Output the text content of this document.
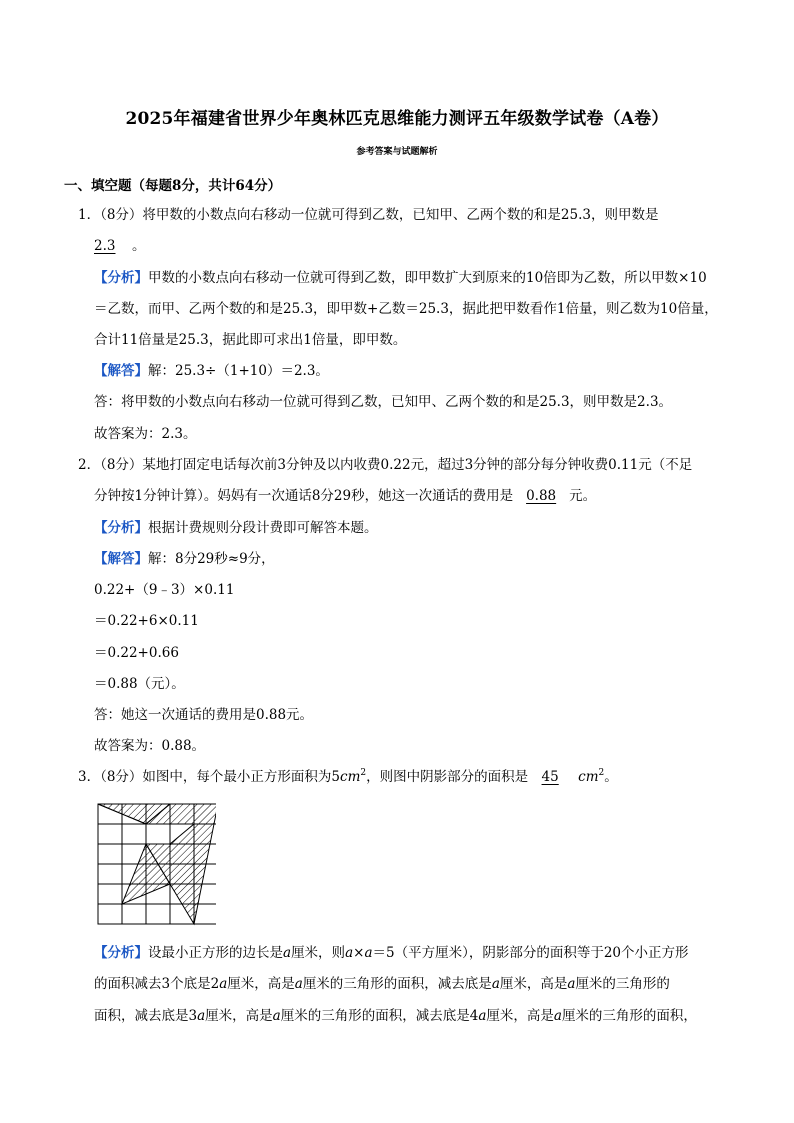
2025年福建省世界少年奥林匹克思维能力测评五年级数学试卷（A卷）
参考答案与试题解析
一、填空题（每题8分，共计64分）
1．（8分）将甲数的小数点向右移动一位就可得到乙数，已知甲、乙两个数的和是25.3，则甲数是
2.3 。
【分析】甲数的小数点向右移动一位就可得到乙数，即甲数扩大到原来的10倍即为乙数，所以甲数×10
＝乙数，而甲、乙两个数的和是25.3，即甲数+乙数＝25.3，据此把甲数看作1倍量，则乙数为10倍量，
合计11倍量是25.3，据此即可求出1倍量，即甲数。
【解答】解：25.3÷（1+10）＝2.3。
答：将甲数的小数点向右移动一位就可得到乙数，已知甲、乙两个数的和是25.3，则甲数是2.3。
故答案为：2.3。
2．（8分）某地打固定电话每次前3分钟及以内收费0.22元，超过3分钟的部分每分钟收费0.11元（不足
分钟按1分钟计算）。妈妈有一次通话8分29秒，她这一次通话的费用是 0.88 元。
【分析】根据计费规则分段计费即可解答本题。
【解答】解：8分29秒≈9分，
0.22+（9﹣3）×0.11
＝0.22+6×0.11
＝0.22+0.66
＝0.88（元）。
答：她这一次通话的费用是0.88元。
故答案为：0.88。
3．（8分）如图中，每个最小正方形面积为$5cm^2$，则图中阴影部分的面积是 45 $cm^2$。
【分析】设最小正方形的边长是a厘米，则a×a＝5（平方厘米），阴影部分的面积等于20个小正方形
的面积减去3个底是2a厘米，高是a厘米的三角形的面积，减去底是a厘米，高是a厘米的三角形的
面积，减去底是3a厘米，高是a厘米的三角形的面积，减去底是4a厘米，高是a厘米的三角形的面积，
